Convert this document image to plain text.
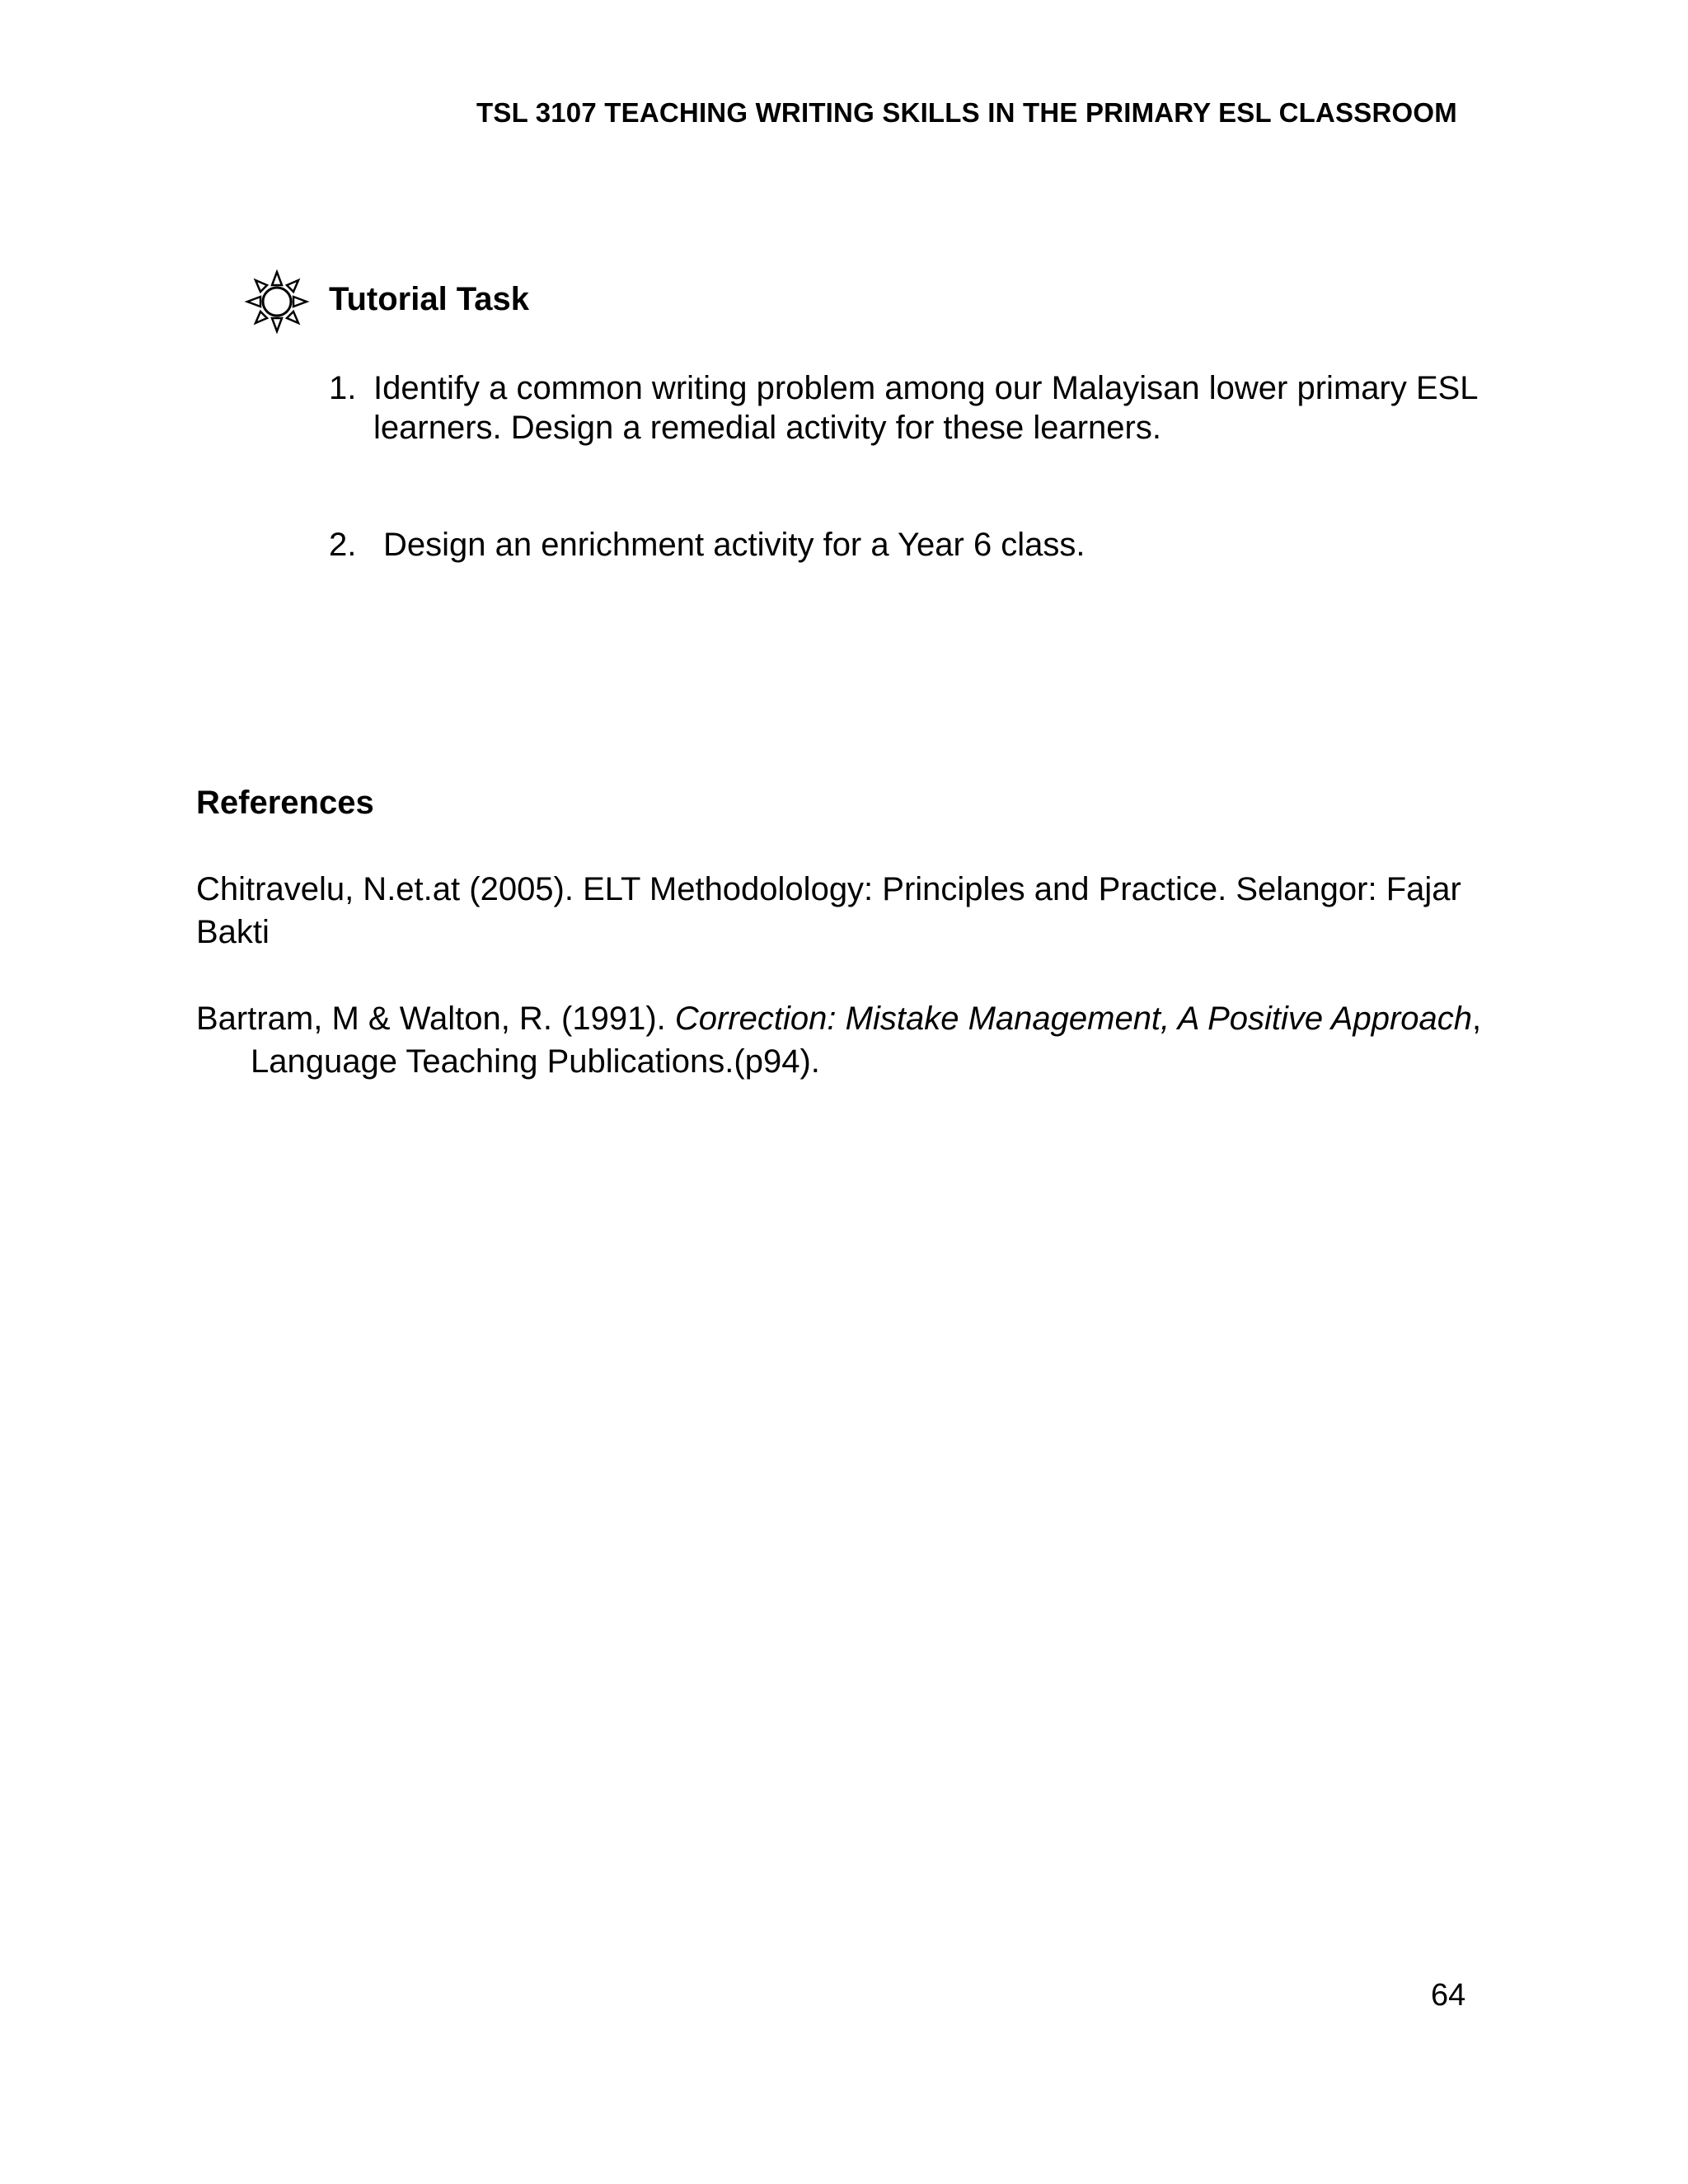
TSL 3107 TEACHING WRITING SKILLS IN THE PRIMARY ESL CLASSROOM
Tutorial Task
1. Identify a common writing problem among our Malayisan lower primary ESL
learners. Design a remedial activity for these learners.
2. Design an enrichment activity for a Year 6 class.
References
Chitravelu, N.et.at (2005). ELT Methodolology: Principles and Practice. Selangor: Fajar
Bakti
Bartram, M & Walton, R. (1991). Correction: Mistake Management, A Positive Approach,
Language Teaching Publications.(p94).
64
